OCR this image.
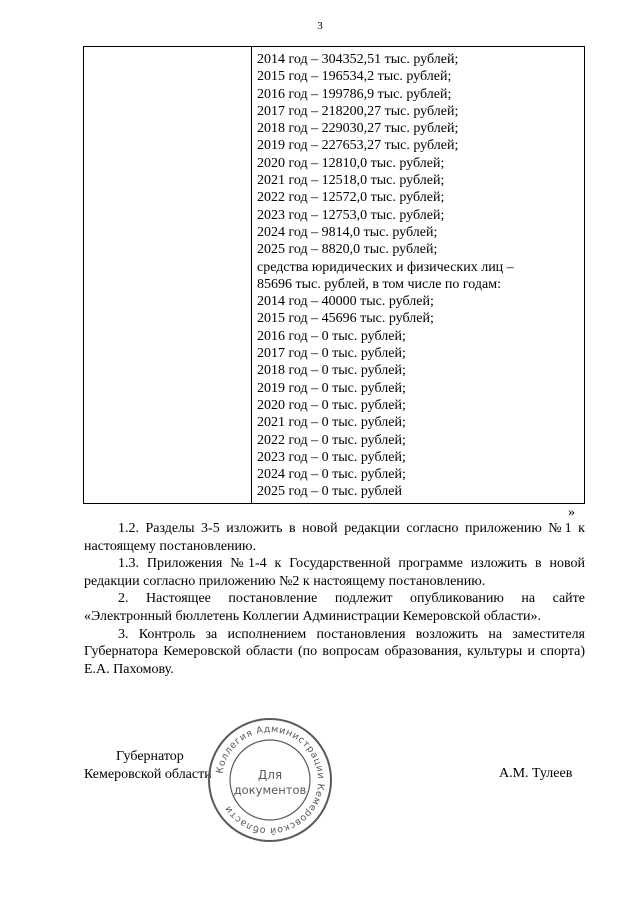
3
2014 год – 304352,51 тыс. рублей;
2015 год – 196534,2 тыс. рублей;
2016 год – 199786,9 тыс. рублей;
2017 год – 218200,27 тыс. рублей;
2018 год – 229030,27 тыс. рублей;
2019 год – 227653,27 тыс. рублей;
2020 год – 12810,0 тыс. рублей;
2021 год – 12518,0 тыс. рублей;
2022 год – 12572,0 тыс. рублей;
2023 год – 12753,0 тыс. рублей;
2024 год – 9814,0 тыс. рублей;
2025 год – 8820,0 тыс. рублей;
средства юридических и физических лиц –
85696 тыс. рублей, в том числе по годам:
2014 год – 40000 тыс. рублей;
2015 год – 45696 тыс. рублей;
2016 год – 0 тыс. рублей;
2017 год – 0 тыс. рублей;
2018 год – 0 тыс. рублей;
2019 год – 0 тыс. рублей;
2020 год – 0 тыс. рублей;
2021 год – 0 тыс. рублей;
2022 год – 0 тыс. рублей;
2023 год – 0 тыс. рублей;
2024 год – 0 тыс. рублей;
2025 год – 0 тыс. рублей
»

1.2. Разделы 3-5 изложить в новой редакции согласно приложению №1 к настоящему постановлению.

1.3. Приложения №1-4 к Государственной программе изложить в новой редакции согласно приложению №2 к настоящему постановлению.

2. Настоящее постановление подлежит опубликованию на сайте «Электронный бюллетень Коллегии Администрации Кемеровской области».

3. Контроль за исполнением постановления возложить на заместителя Губернатора Кемеровской области (по вопросам образования, культуры и спорта) Е.А. Пахомову.

Губернатор
Кемеровской области	А.М. Тулеев
Коллегия Администрации Кемеровской области
Для
документов
